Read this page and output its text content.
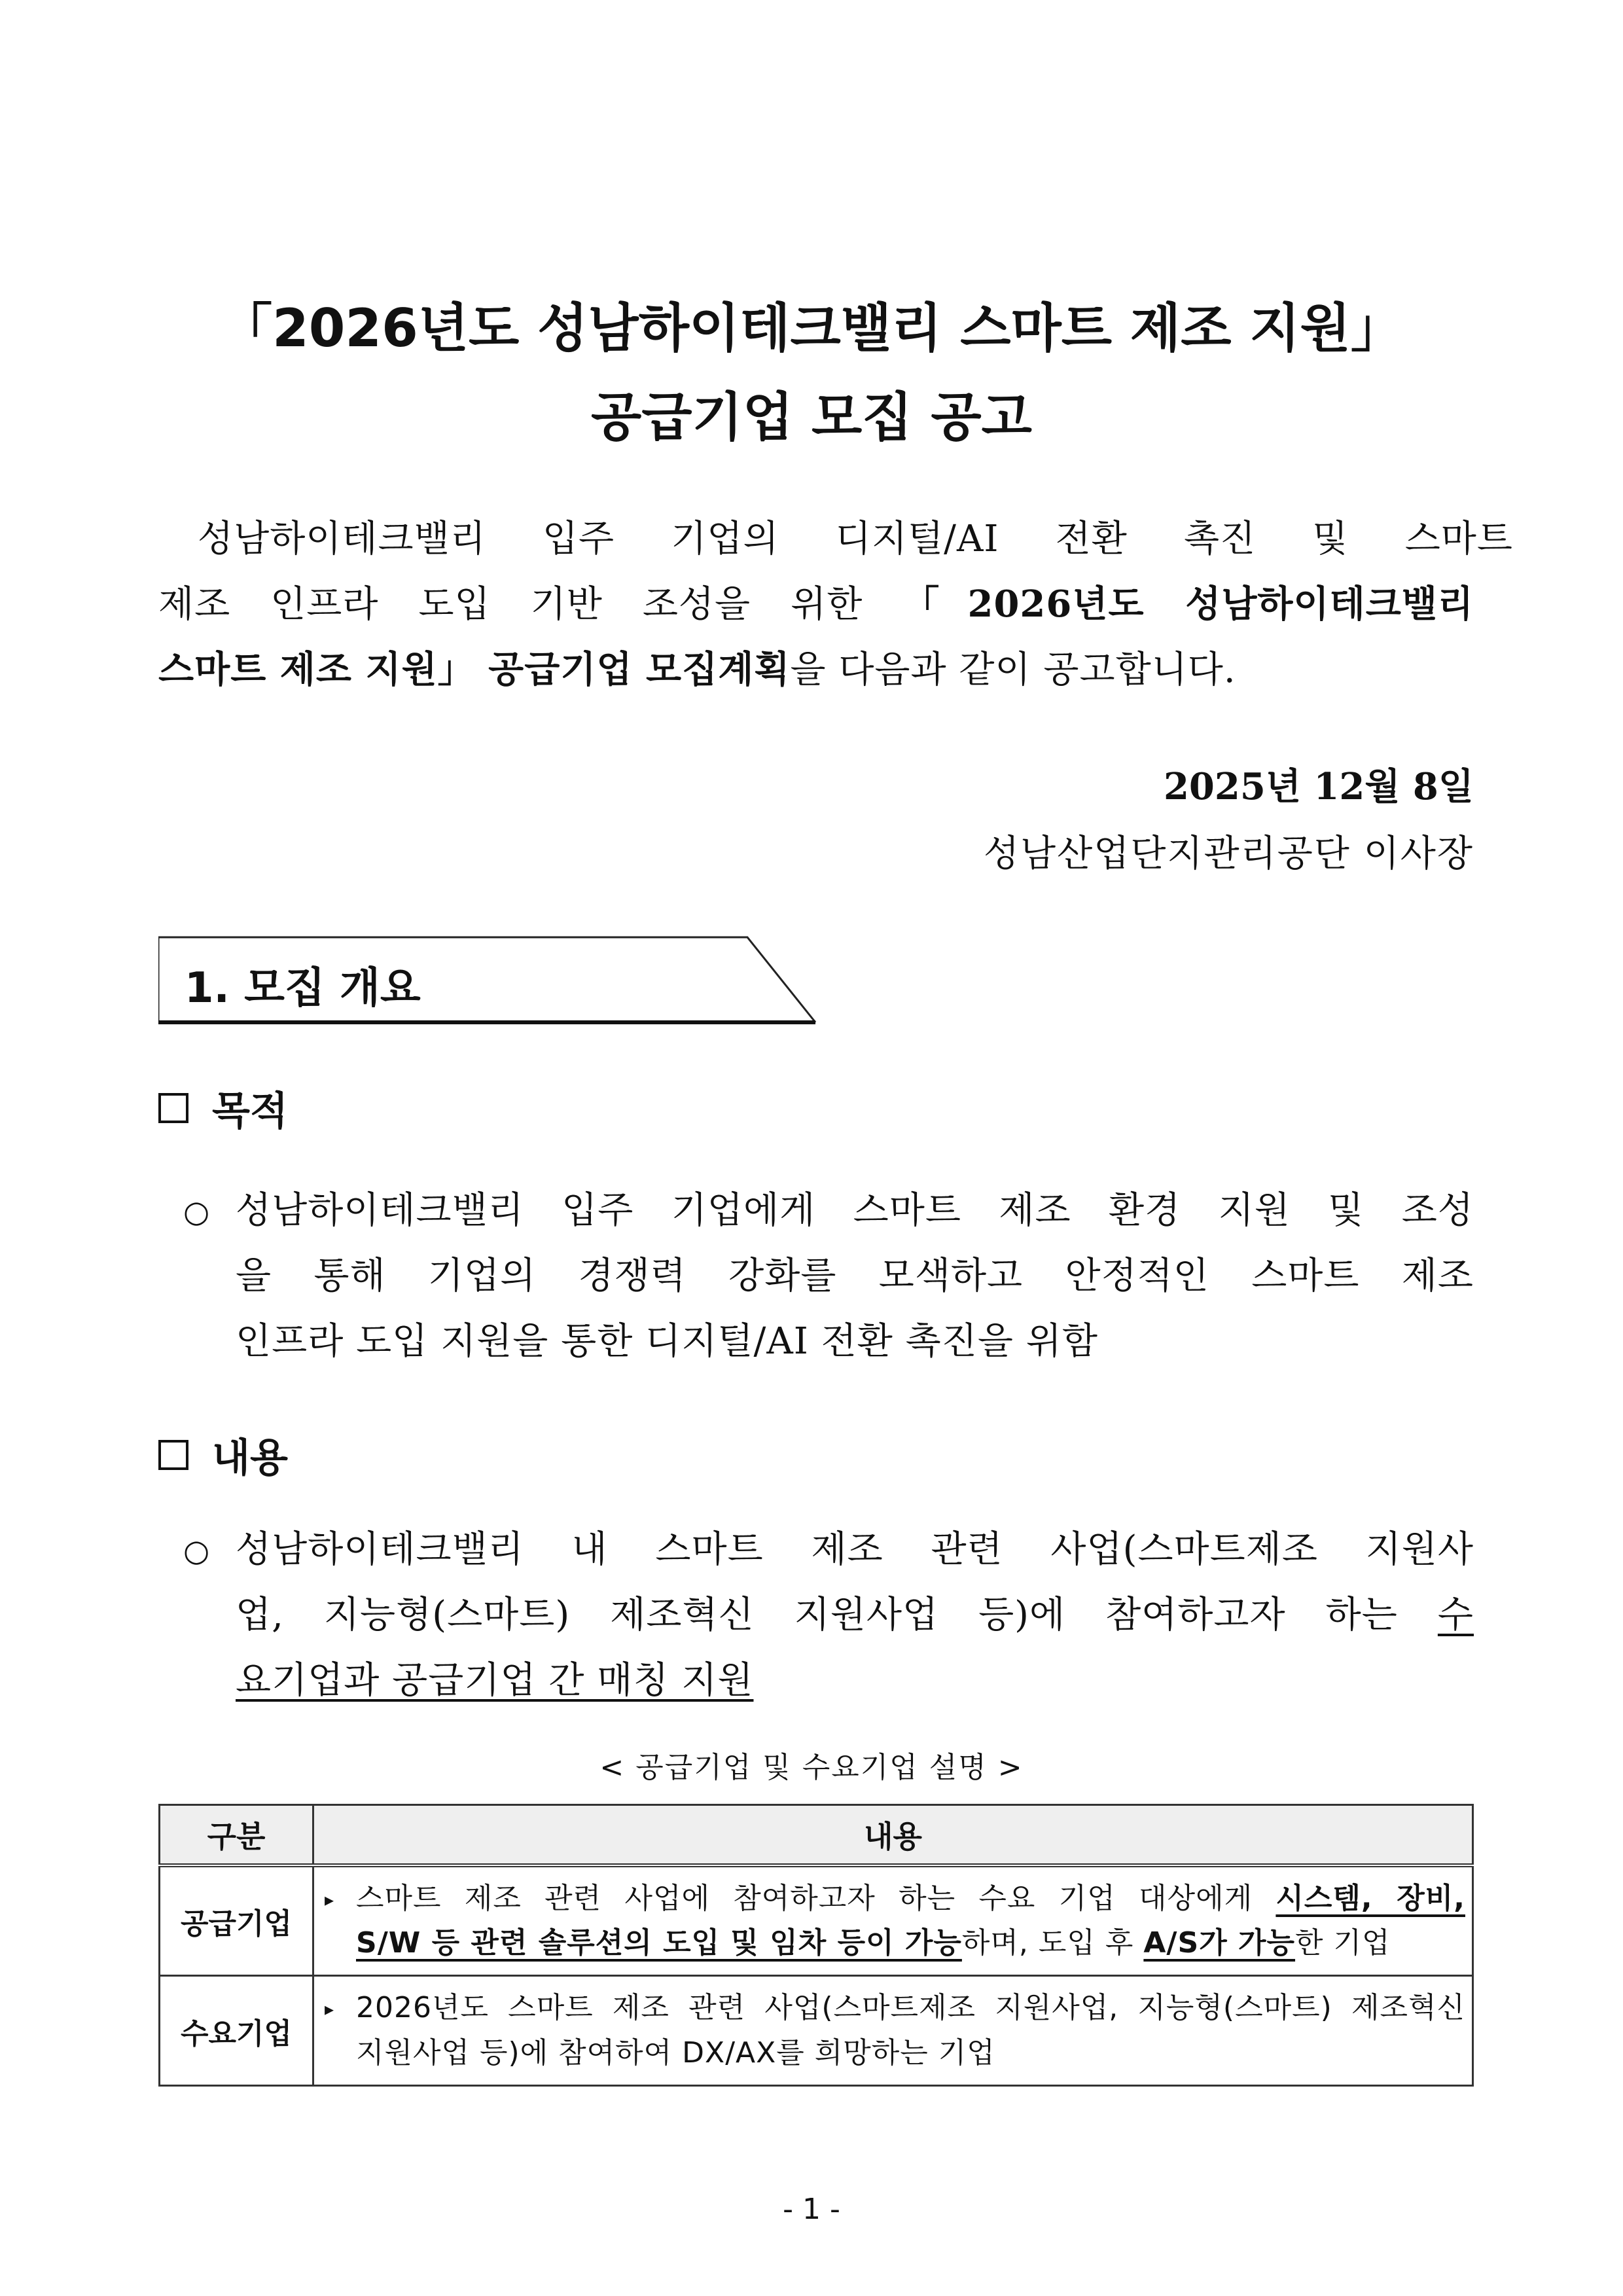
「2026년도 성남하이테크밸리 스마트 제조 지원」
공급기업 모집 공고
성남하이테크밸리 입주 기업의 디지털/AI 전환 촉진 및 스마트
제조 인프라 도입 기반 조성을 위한 「2026년도 성남하이테크밸리
스마트 제조 지원」 공급기업 모집계획을 다음과 같이 공고합니다.
2025년 12월 8일
성남산업단지관리공단 이사장
1. 모집 개요
목적
○ 성남하이테크밸리 입주 기업에게 스마트 제조 환경 지원 및 조성
을 통해 기업의 경쟁력 강화를 모색하고 안정적인 스마트 제조
인프라 도입 지원을 통한 디지털/AI 전환 촉진을 위함
내용
○ 성남하이테크밸리 내 스마트 제조 관련 사업(스마트제조 지원사
업, 지능형(스마트) 제조혁신 지원사업 등)에 참여하고자 하는 수
요기업과 공급기업 간 매칭 지원
< 공급기업 및 수요기업 설명 >
구분	내용
공급기업	▸ 스마트 제조 관련 사업에 참여하고자 하는 수요 기업 대상에게 시스템, 장비,
S/W 등 관련 솔루션의 도입 및 임차 등이 가능하며, 도입 후 A/S가 가능한 기업

수요기업	▸ 2026년도 스마트 제조 관련 사업(스마트제조 지원사업, 지능형(스마트) 제조혁신
지원사업 등)에 참여하여 DX/AX를 희망하는 기업
- 1 -
